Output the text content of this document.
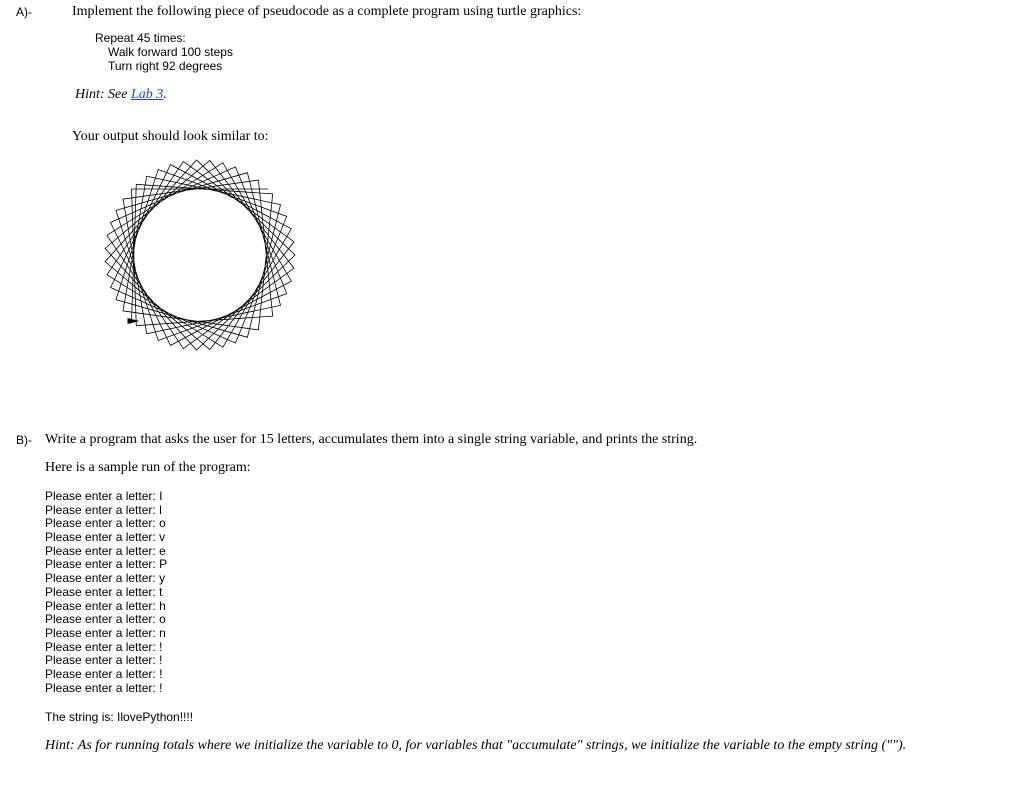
A)-	Implement the following piece of pseudocode as a complete program using turtle graphics:
Repeat 45 times:
Walk forward 100 steps
Turn right 92 degrees
Hint: See Lab 3.
Your output should look similar to:
B)- Write a program that asks the user for 15 letters, accumulates them into a single string variable, and prints the string.
Here is a sample run of the program:
Please enter a letter: I
Please enter a letter: l
Please enter a letter: o
Please enter a letter: v
Please enter a letter: e
Please enter a letter: P
Please enter a letter: y
Please enter a letter: t
Please enter a letter: h
Please enter a letter: o
Please enter a letter: n
Please enter a letter: !
Please enter a letter: !
Please enter a letter: !
Please enter a letter: !
The string is: IlovePython!!!!
Hint: As for running totals where we initialize the variable to 0, for variables that "accumulate" strings, we initialize the variable to the empty string ("").
